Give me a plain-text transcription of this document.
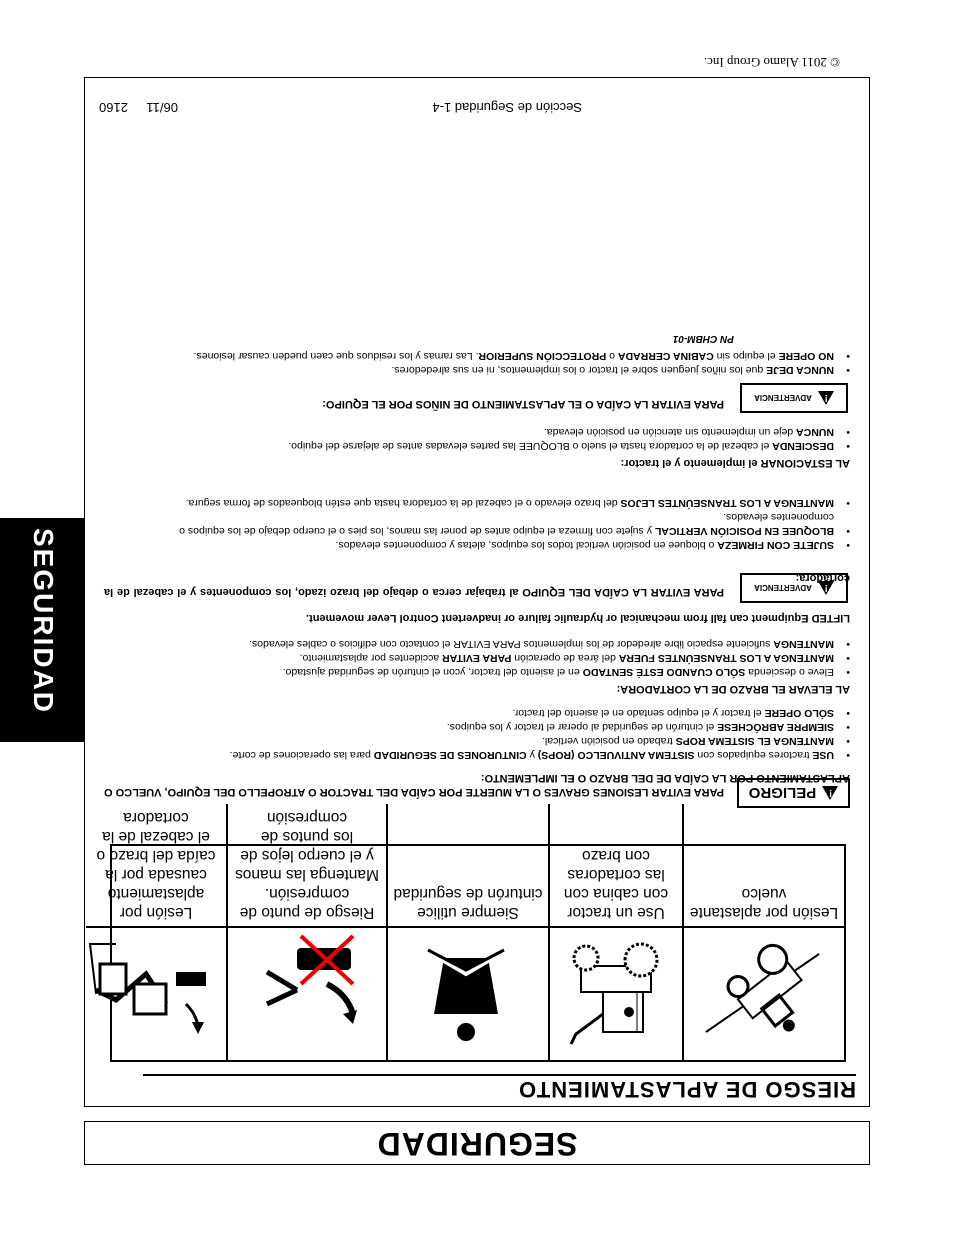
© 2011 Alamo Group Inc.
SEGURIDAD
RIESGO DE APLASTAMIENTO
Lesión por aplastante vuelco
Use un tractor con cabina con las cortadoras con brazo
Siempre utilice cinturón de seguridad
Riesgo de punto de compresión. Mantenga las manos y el cuerpo lejos de los puntos de compresión
Lesión por aplastamiento causada por la caída del brazo o el cabezal de la cortadora
!
PELIGRO
PARA EVITAR LESIONES GRAVES O LA MUERTE POR CAÍDA DEL TRACTOR O ATROPELLO DEL EQUIPO, VUELCO O APLASTAMIENTO POR LA CAÍDA DE DEL BRAZO O EL IMPLEMENTO:
• USE tractores equipados con SISTEMA ANTIVUELCO (ROPS) y CINTURONES DE SEGURIDAD para las operaciones de corte.
• MANTENGA EL SISTEMA ROPS trabado en posición vertical.
• SIEMPRE ABRÓCHESE el cinturón de seguridad al operar el tractor y los equipos.
• SÓLO OPERE el tractor y el equipo sentado en el asiento del tractor.
AL ELEVAR EL BRAZO DE LA CORTADORA:
• Eleve o descienda SÓLO CUANDO ESTÉ SENTADO en el asiento del tractor, ycon el cinturón de seguridad ajustado.
• MANTENGA A LOS TRANSEÚNTES FUERA del área de operación PARA EVITAR accidentes por aplastamiento.
• MANTENGA suficiente espacio libre alrededor de los implementos PARA EVITAR el contacto con edificios o cables elevados.
LIFTED Equipment can fall from mechanical or hydraulic failure or inadvertent Control Lever movement.
!
ADVERTENCIA
PARA EVITAR LA CAÍDA DEL EQUIPO al trabajar cerca o debajo del brazo izado, los componentes y el cabezal de la cortadora:
• SUJETE CON FIRMEZA o bloquee en posición vertical todos los equipos, aletas y componentes elevados.
• BLOQUEE EN POSICIÓN VERTICAL y sujete con firmeza el equipo antes de poner las manos, los pies o el cuerpo debajo de los equipos o componentes elevados.
• MANTENGA A LOS TRANSEÚNTES LEJOS del brazo elevado o el cabezal de la cortadora hasta que estén bloqueados de forma segura.
AL ESTACIONAR el implemento y el tractor:
• DESCIENDA el cabezal de la cortadora hasta el suelo o BLOQUEE las partes elevadas antes de alejarse del equipo.
• NUNCA deje un implemento sin atención en posición elevada.
!
ADVERTENCIA
PARA EVITAR LA CAÍDA O EL APLASTAMIENTO DE NIÑOS POR EL EQUIPO:
• NUNCA DEJE que los niños jueguen sobre el tractor o los implementos, ni en sus alrededores.
• NO OPERE el equipo sin CABINA CERRADA o PROTECCIÓN SUPERIOR. Las ramas y los residuos que caen pueden causar lesiones.
PN CHBM-01
Sección de Seguridad 1-4
06/11
2160
SEGURIDAD
